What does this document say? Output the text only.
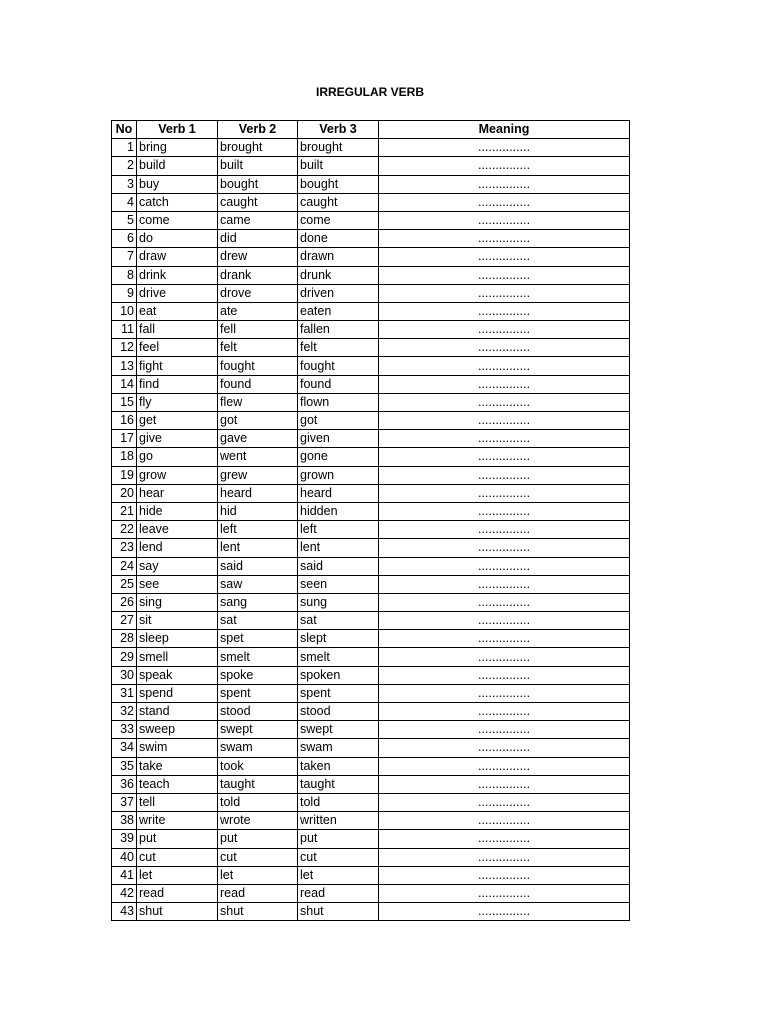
IRREGULAR VERB
No	Verb 1	Verb 2	Verb 3	Meaning
1	bring	brought	brought	...............
2	build	built	built	...............
3	buy	bought	bought	...............
4	catch	caught	caught	...............
5	come	came	come	...............
6	do	did	done	...............
7	draw	drew	drawn	...............
8	drink	drank	drunk	...............
9	drive	drove	driven	...............
10	eat	ate	eaten	...............
11	fall	fell	fallen	...............
12	feel	felt	felt	...............
13	fight	fought	fought	...............
14	find	found	found	...............
15	fly	flew	flown	...............
16	get	got	got	...............
17	give	gave	given	...............
18	go	went	gone	...............
19	grow	grew	grown	...............
20	hear	heard	heard	...............
21	hide	hid	hidden	...............
22	leave	left	left	...............
23	lend	lent	lent	...............
24	say	said	said	...............
25	see	saw	seen	...............
26	sing	sang	sung	...............
27	sit	sat	sat	...............
28	sleep	spet	slept	...............
29	smell	smelt	smelt	...............
30	speak	spoke	spoken	...............
31	spend	spent	spent	...............
32	stand	stood	stood	...............
33	sweep	swept	swept	...............
34	swim	swam	swam	...............
35	take	took	taken	...............
36	teach	taught	taught	...............
37	tell	told	told	...............
38	write	wrote	written	...............
39	put	put	put	...............
40	cut	cut	cut	...............
41	let	let	let	...............
42	read	read	read	...............
43	shut	shut	shut	...............
